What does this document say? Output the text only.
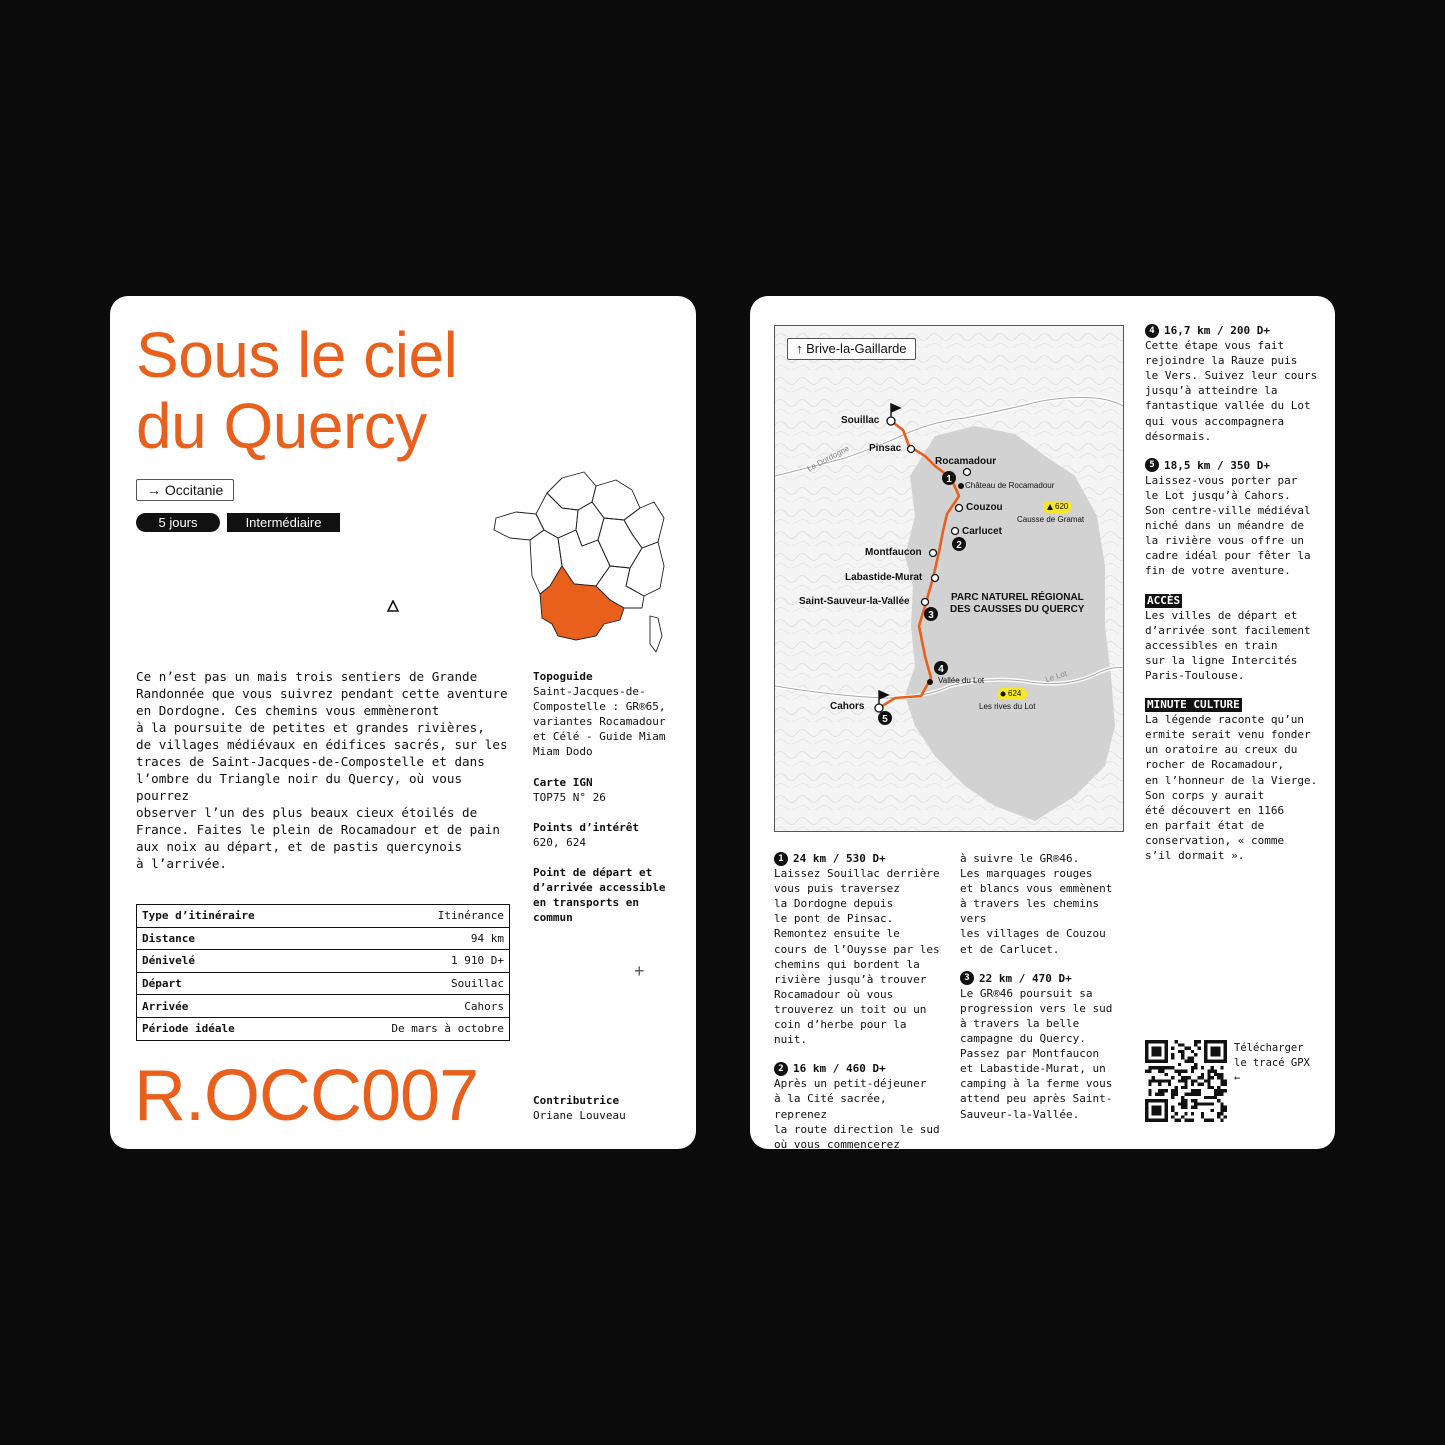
Sous le ciel
du Quercy
→ Occitanie
5 jours	Intermédiaire
Ce n’est pas un mais trois sentiers de Grande
Randonnée que vous suivrez pendant cette aventure
en Dordogne. Ces chemins vous emmèneront
à la poursuite de petites et grandes rivières,
de villages médiévaux en édifices sacrés, sur les
traces de Saint-Jacques-de-Compostelle et dans
l’ombre du Triangle noir du Quercy, où vous pourrez
observer l’un des plus beaux cieux étoilés de
France. Faites le plein de Rocamadour et de pain
aux noix au départ, et de pastis quercynois
à l’arrivée.
Topoguide
Saint-Jacques-de-
Compostelle : GR®65,
variantes Rocamadour
et Célé - Guide Miam
Miam Dodo
Carte IGN
TOP75 N° 26
Points d’intérêt
620, 624
Point de départ et
d’arrivée accessible
en transports en
commun
Type d’itinéraire	Itinérance
Distance	94 km
Dénivelé	1 910 D+
Départ	Souillac
Arrivée	Cahors
Période idéale	De mars à octobre
+
R.OCC007	Contributrice
Oriane Louveau
1
2
3
4
5
↑ Brive-la-Gaillarde
La Dordogne
Le Lot
Souillac
Pinsac
Rocamadour
Château de Rocamadour
Couzou
Carlucet
Montfaucon
Labastide-Murat
Saint-Sauveur-la-Vallée
Vallée du Lot
Cahors
Causse de Gramat
Les rives du Lot
620
624
PARC NATUREL RÉGIONAL
DES CAUSSES DU QUERCY
1 24 km / 530 D+
Laissez Souillac derrière
vous puis traversez
la Dordogne depuis
le pont de Pinsac.
Remontez ensuite le
cours de l’Ouysse par les
chemins qui bordent la
rivière jusqu’à trouver
Rocamadour où vous
trouverez un toit ou un
coin d’herbe pour la nuit.
2 16 km / 460 D+
Après un petit-déjeuner
à la Cité sacrée, reprenez
la route direction le sud
où vous commencerez
à suivre le GR®46.
Les marquages rouges
et blancs vous emmènent
à travers les chemins vers
les villages de Couzou
et de Carlucet.
3 22 km / 470 D+
Le GR®46 poursuit sa
progression vers le sud
à travers la belle
campagne du Quercy.
Passez par Montfaucon
et Labastide-Murat, un
camping à la ferme vous
attend peu après Saint-
Sauveur-la-Vallée.
4 16,7 km / 200 D+
Cette étape vous fait
rejoindre la Rauze puis
le Vers. Suivez leur cours
jusqu’à atteindre la
fantastique vallée du Lot
qui vous accompagnera
désormais.
5 18,5 km / 350 D+
Laissez-vous porter par
le Lot jusqu’à Cahors.
Son centre-ville médiéval
niché dans un méandre de
la rivière vous offre un
cadre idéal pour fêter la
fin de votre aventure.
ACCÈS
Les villes de départ et
d’arrivée sont facilement
accessibles en train
sur la ligne Intercités
Paris-Toulouse.
MINUTE CULTURE
La légende raconte qu’un
ermite serait venu fonder
un oratoire au creux du
rocher de Rocamadour,
en l’honneur de la Vierge.
Son corps y aurait
été découvert en 1166
en parfait état de
conservation, « comme
s’il dormait ».
Télécharger
le tracé GPX
←
